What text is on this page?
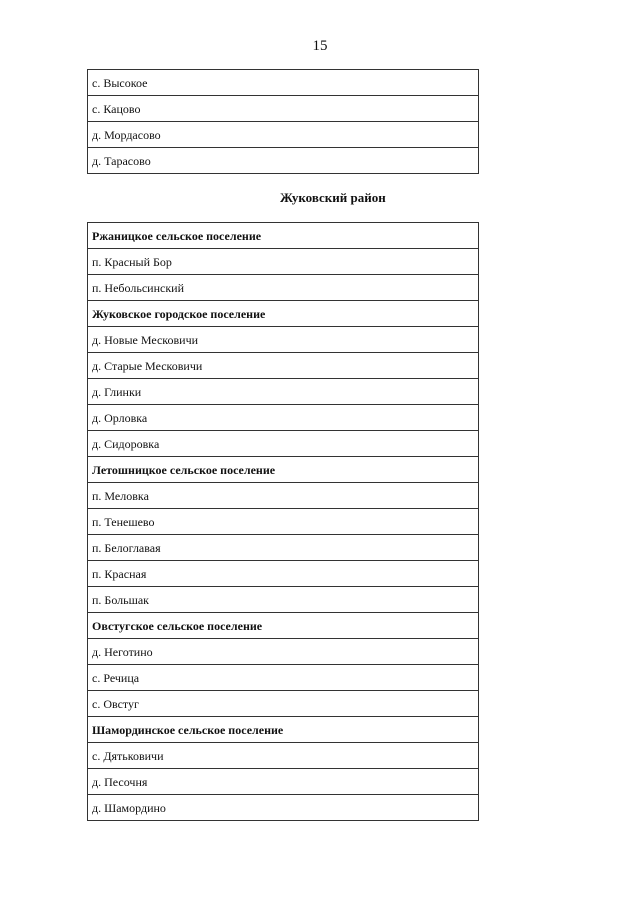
15
с. Высокое
с. Кацово
д. Мордасово
д. Тарасово
Жуковский район
Ржаницкое сельское поселение
п. Красный Бор
п. Небольсинский
Жуковское городское поселение
д. Новые Месковичи
д. Старые Месковичи
д. Глинки
д. Орловка
д. Сидоровка
Летошницкое сельское поселение
п. Меловка
п. Тенешево
п. Белоглавая
п. Красная
п. Большак
Овстугское сельское поселение
д. Неготино
с. Речица
с. Овстуг
Шамординское сельское поселение
с. Дятьковичи
д. Песочня
д. Шамордино
